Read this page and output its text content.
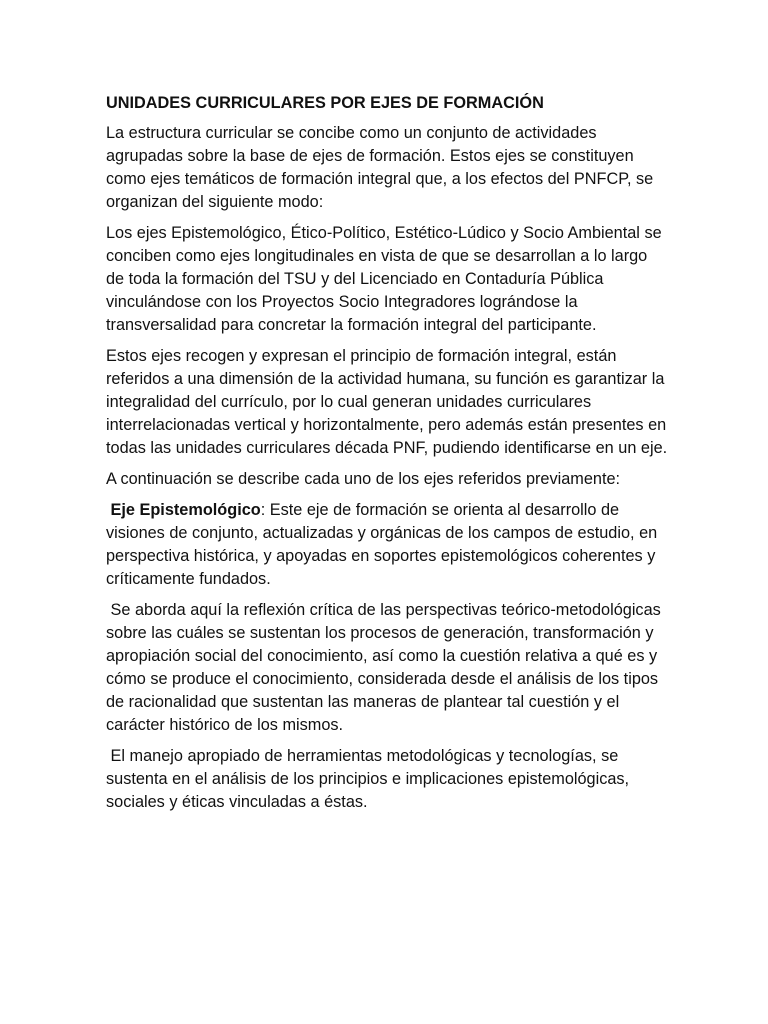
UNIDADES CURRICULARES POR EJES DE FORMACIÓN

La estructura curricular se concibe como un conjunto de actividades agrupadas sobre la base de ejes de formación. Estos ejes se constituyen como ejes temáticos de formación integral que, a los efectos del PNFCP, se organizan del siguiente modo:

Los ejes Epistemológico, Ético-Político, Estético-Lúdico y Socio Ambiental se conciben como ejes longitudinales en vista de que se desarrollan a lo largo de toda la formación del TSU y del Licenciado en Contaduría Pública vinculándose con los Proyectos Socio Integradores lográndose la transversalidad para concretar la formación integral del participante.

Estos ejes recogen y expresan el principio de formación integral, están referidos a una dimensión de la actividad humana, su función es garantizar la integralidad del currículo, por lo cual generan unidades curriculares interrelacionadas vertical y horizontalmente, pero además están presentes en todas las unidades curriculares década PNF, pudiendo identificarse en un eje.

A continuación se describe cada uno de los ejes referidos previamente:

Eje Epistemológico: Este eje de formación se orienta al desarrollo de visiones de conjunto, actualizadas y orgánicas de los campos de estudio, en perspectiva histórica, y apoyadas en soportes epistemológicos coherentes y críticamente fundados.

Se aborda aquí la reflexión crítica de las perspectivas teórico-metodológicas sobre las cuáles se sustentan los procesos de generación, transformación y apropiación social del conocimiento, así como la cuestión relativa a qué es y cómo se produce el conocimiento, considerada desde el análisis de los tipos de racionalidad que sustentan las maneras de plantear tal cuestión y el carácter histórico de los mismos.

El manejo apropiado de herramientas metodológicas y tecnologías, se sustenta en el análisis de los principios e implicaciones epistemológicas, sociales y éticas vinculadas a éstas.
